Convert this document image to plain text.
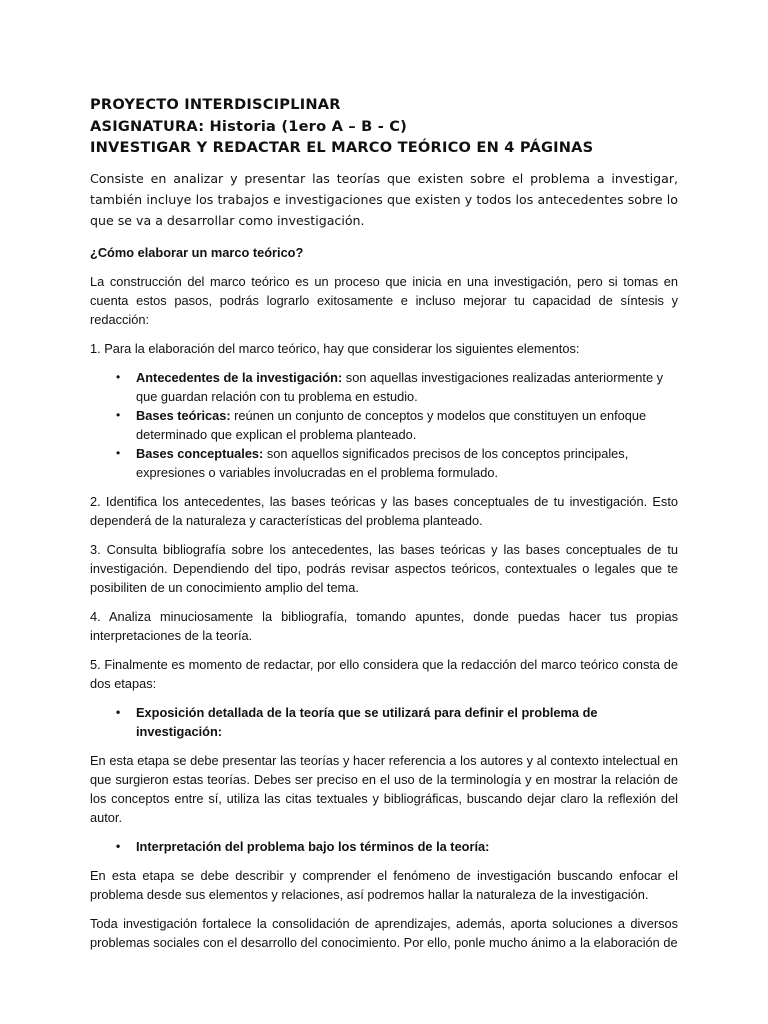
PROYECTO INTERDISCIPLINAR
ASIGNATURA: Historia (1ero A – B - C)
INVESTIGAR Y REDACTAR EL MARCO TEÓRICO EN 4 PÁGINAS
Consiste en analizar y presentar las teorías que existen sobre el problema a investigar, también incluye los trabajos e investigaciones que existen y todos los antecedentes sobre lo que se va a desarrollar como investigación.

¿Cómo elaborar un marco teórico?

La construcción del marco teórico es un proceso que inicia en una investigación, pero si tomas en cuenta estos pasos, podrás lograrlo exitosamente e incluso mejorar tu capacidad de síntesis y redacción:

1. Para la elaboración del marco teórico, hay que considerar los siguientes elementos:

• Antecedentes de la investigación: son aquellas investigaciones realizadas anteriormente y que guardan relación con tu problema en estudio.
• Bases teóricas: reúnen un conjunto de conceptos y modelos que constituyen un enfoque determinado que explican el problema planteado.
• Bases conceptuales: son aquellos significados precisos de los conceptos principales, expresiones o variables involucradas en el problema formulado.

2. Identifica los antecedentes, las bases teóricas y las bases conceptuales de tu investigación. Esto dependerá de la naturaleza y características del problema planteado.

3. Consulta bibliografía sobre los antecedentes, las bases teóricas y las bases conceptuales de tu investigación. Dependiendo del tipo, podrás revisar aspectos teóricos, contextuales o legales que te posibiliten de un conocimiento amplio del tema.

4. Analiza minuciosamente la bibliografía, tomando apuntes, donde puedas hacer tus propias interpretaciones de la teoría.

5. Finalmente es momento de redactar, por ello considera que la redacción del marco teórico consta de dos etapas:

• Exposición detallada de la teoría que se utilizará para definir el problema de investigación:

En esta etapa se debe presentar las teorías y hacer referencia a los autores y al contexto intelectual en que surgieron estas teorías. Debes ser preciso en el uso de la terminología y en mostrar la relación de los conceptos entre sí, utiliza las citas textuales y bibliográficas, buscando dejar claro la reflexión del autor.

• Interpretación del problema bajo los términos de la teoría:

En esta etapa se debe describir y comprender el fenómeno de investigación buscando enfocar el problema desde sus elementos y relaciones, así podremos hallar la naturaleza de la investigación.

Toda investigación fortalece la consolidación de aprendizajes, además, aporta soluciones a diversos problemas sociales con el desarrollo del conocimiento. Por ello, ponle mucho ánimo a la elaboración de
